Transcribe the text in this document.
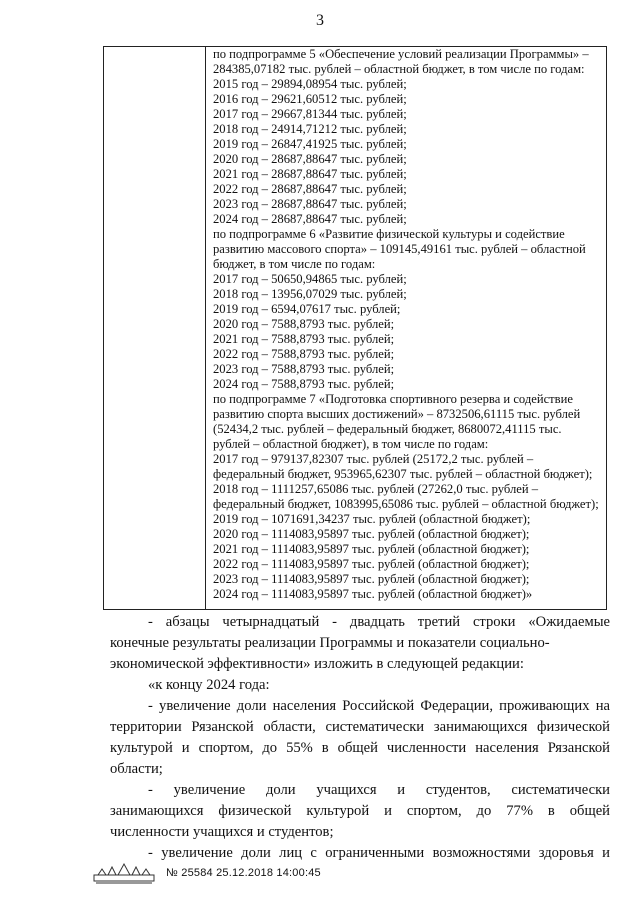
3
по подпрограмме 5 «Обеспечение условий реализации Программы» –
284385,07182 тыс. рублей – областной бюджет, в том числе по годам:
2015 год – 29894,08954 тыс. рублей;
2016 год – 29621,60512 тыс. рублей;
2017 год – 29667,81344 тыс. рублей;
2018 год – 24914,71212 тыс. рублей;
2019 год – 26847,41925 тыс. рублей;
2020 год – 28687,88647 тыс. рублей;
2021 год – 28687,88647 тыс. рублей;
2022 год – 28687,88647 тыс. рублей;
2023 год – 28687,88647 тыс. рублей;
2024 год – 28687,88647 тыс. рублей;
по подпрограмме 6 «Развитие физической культуры и содействие
развитию массового спорта» – 109145,49161 тыс. рублей – областной
бюджет, в том числе по годам:
2017 год – 50650,94865 тыс. рублей;
2018 год – 13956,07029 тыс. рублей;
2019 год – 6594,07617 тыс. рублей;
2020 год – 7588,8793 тыс. рублей;
2021 год – 7588,8793 тыс. рублей;
2022 год – 7588,8793 тыс. рублей;
2023 год – 7588,8793 тыс. рублей;
2024 год – 7588,8793 тыс. рублей;
по подпрограмме 7 «Подготовка спортивного резерва и содействие
развитию спорта высших достижений» – 8732506,61115 тыс. рублей
(52434,2 тыс. рублей – федеральный бюджет, 8680072,41115 тыс.
рублей – областной бюджет), в том числе по годам:
2017 год – 979137,82307 тыс. рублей (25172,2 тыс. рублей –
федеральный бюджет, 953965,62307 тыс. рублей – областной бюджет);
2018 год – 1111257,65086 тыс. рублей (27262,0 тыс. рублей –
федеральный бюджет, 1083995,65086 тыс. рублей – областной бюджет);
2019 год – 1071691,34237 тыс. рублей (областной бюджет);
2020 год – 1114083,95897 тыс. рублей (областной бюджет);
2021 год – 1114083,95897 тыс. рублей (областной бюджет);
2022 год – 1114083,95897 тыс. рублей (областной бюджет);
2023 год – 1114083,95897 тыс. рублей (областной бюджет);
2024 год – 1114083,95897 тыс. рублей (областной бюджет)»
- абзацы четырнадцатый - двадцать третий строки «Ожидаемые
конечные результаты реализации Программы и показатели социально-
экономической эффективности» изложить в следующей редакции:
«к концу 2024 года:
- увеличение доли населения Российской Федерации, проживающих на
территории Рязанской области, систематически занимающихся физической
культурой и спортом, до 55% в общей численности населения Рязанской
области;
- увеличение доли учащихся и студентов, систематически
занимающихся физической культурой и спортом, до 77% в общей
численности учащихся и студентов;
- увеличение доли лиц с ограниченными возможностями здоровья и
№ 25584 25.12.2018 14:00:45
